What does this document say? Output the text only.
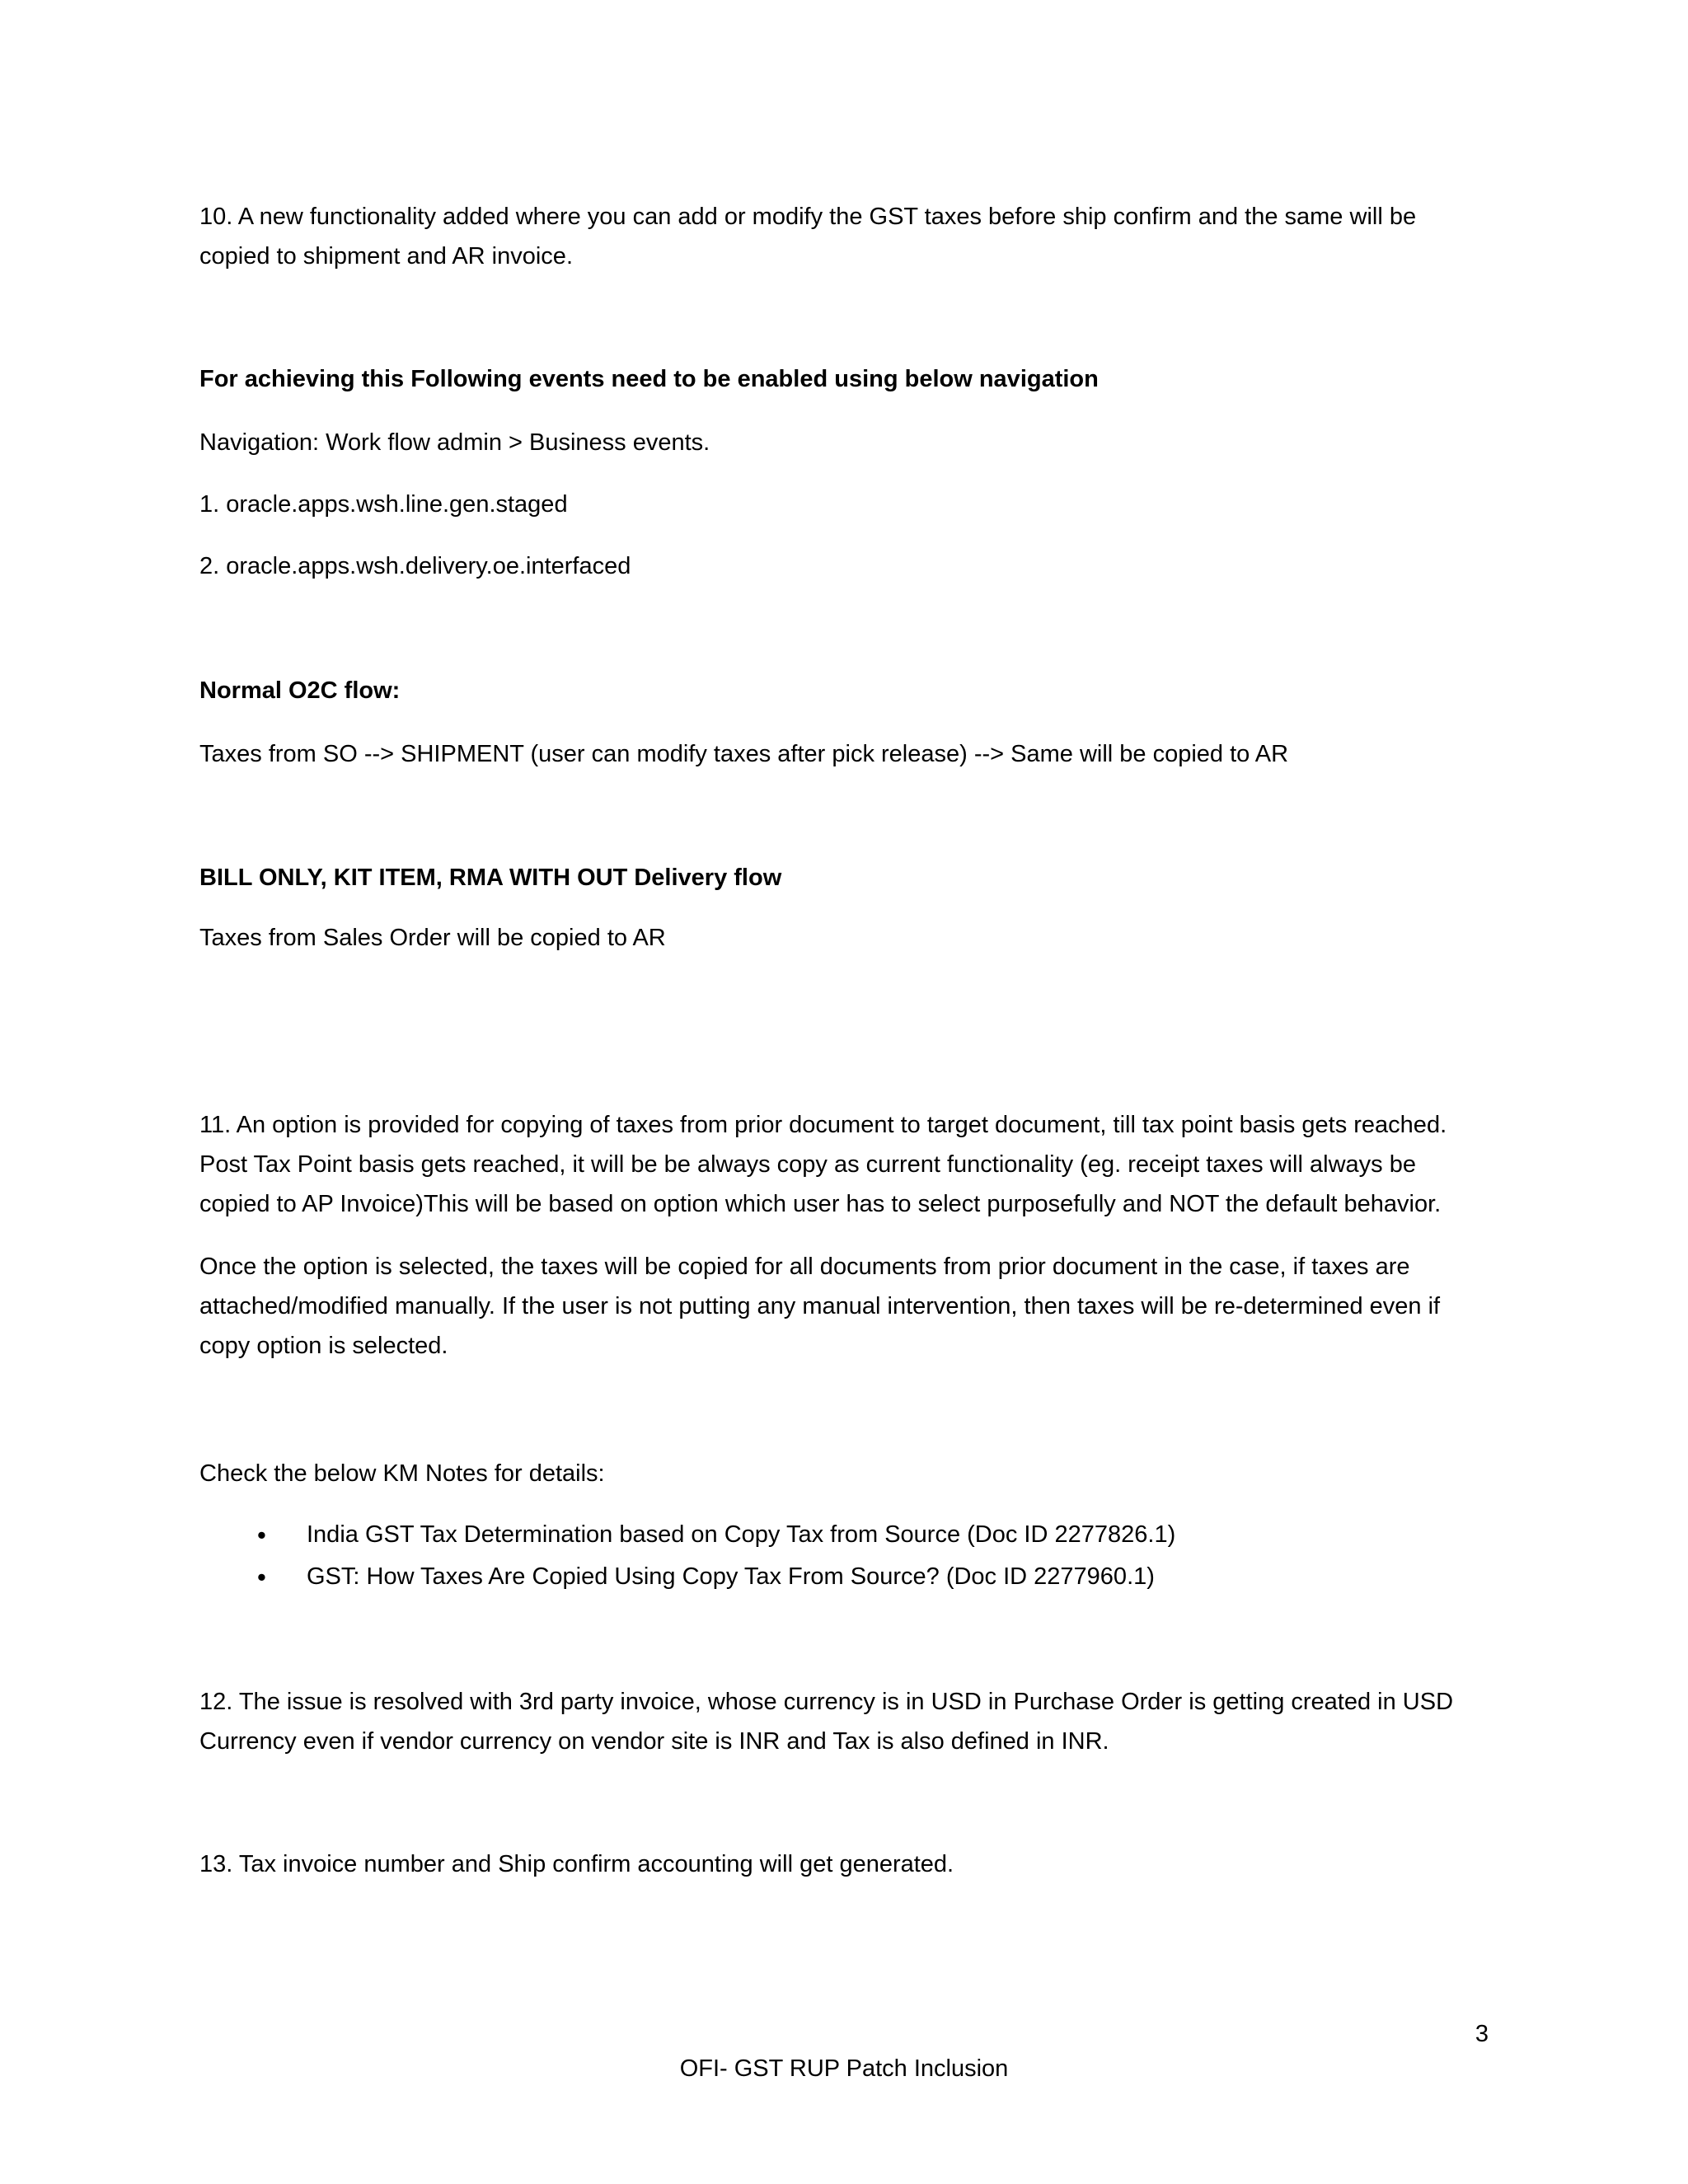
10. A new functionality added where you can add or modify the GST taxes before ship confirm and the same will be copied to shipment and AR invoice.

For achieving this Following events need to be enabled using below navigation

Navigation: Work flow admin > Business events.

1. oracle.apps.wsh.line.gen.staged

2. oracle.apps.wsh.delivery.oe.interfaced

Normal O2C flow:

Taxes from SO --> SHIPMENT (user can modify taxes after pick release) --> Same will be copied to AR

BILL ONLY, KIT ITEM, RMA WITH OUT Delivery flow

Taxes from Sales Order will be copied to AR

11. An option is provided for copying of taxes from prior document to target document, till tax point basis gets reached. Post Tax Point basis gets reached, it will be be always copy as current functionality (eg. receipt taxes will always be copied to AP Invoice)This will be based on option which user has to select purposefully and NOT the default behavior.

Once the option is selected, the taxes will be copied for all documents from prior document in the case, if taxes are attached/modified manually. If the user is not putting any manual intervention, then taxes will be re-determined even if copy option is selected.

Check the below KM Notes for details:

•
India GST Tax Determination based on Copy Tax from Source (Doc ID 2277826.1)
•
GST: How Taxes Are Copied Using Copy Tax From Source? (Doc ID 2277960.1)

12. The issue is resolved with 3rd party invoice, whose currency is in USD in Purchase Order is getting created in USD Currency even if vendor currency on vendor site is INR and Tax is also defined in INR.

13. Tax invoice number and Ship confirm accounting will get generated.

3
OFI- GST RUP Patch Inclusion
